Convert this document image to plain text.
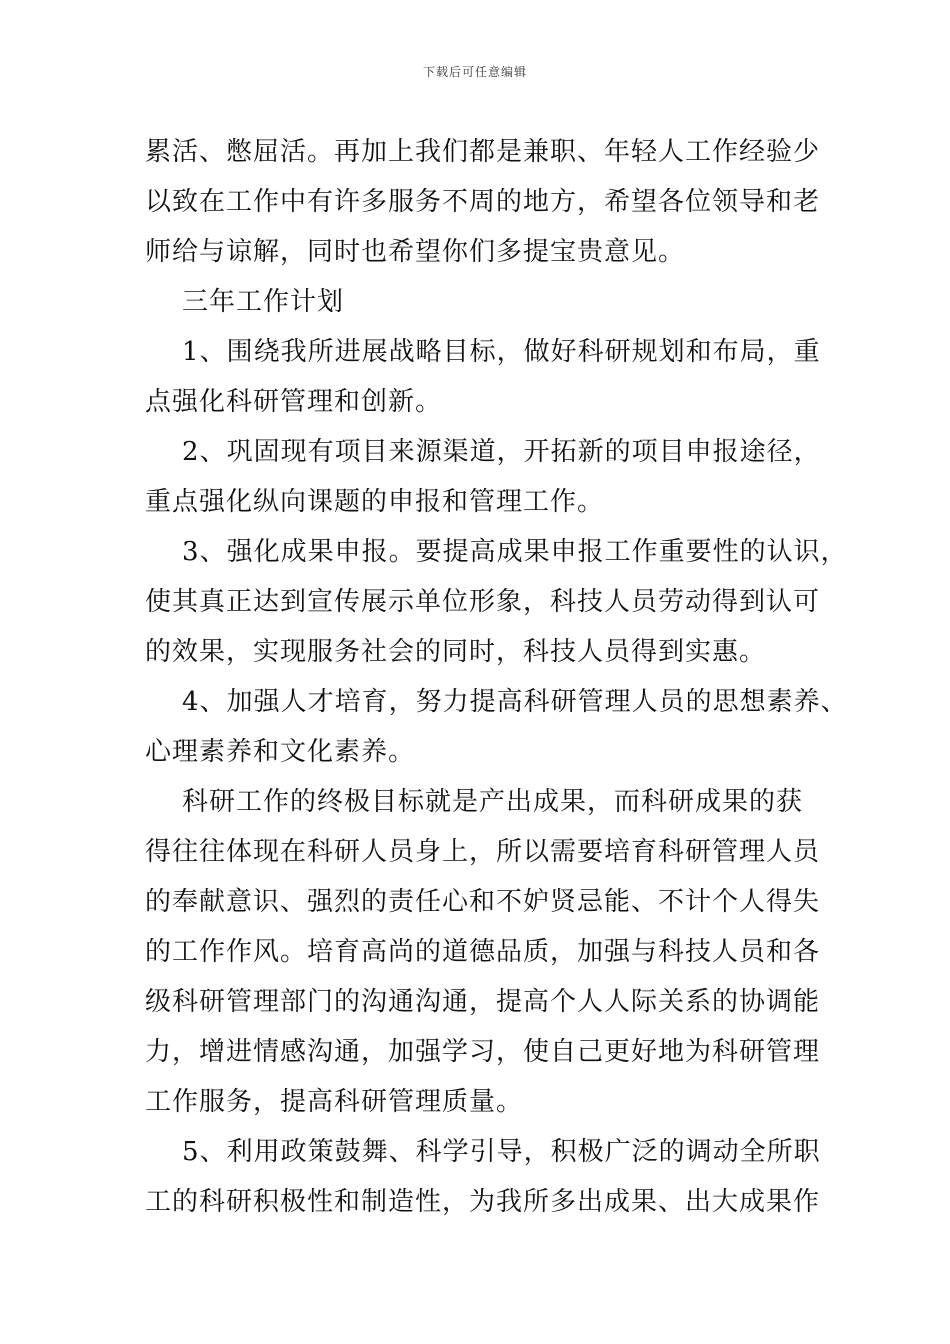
下载后可任意编辑
累活、憋屈活。再加上我们都是兼职、年轻人工作经验少
以致在工作中有许多服务不周的地方，希望各位领导和老
师给与谅解，同时也希望你们多提宝贵意见。
三年工作计划
1、围绕我所进展战略目标，做好科研规划和布局，重
点强化科研管理和创新。
2、巩固现有项目来源渠道，开拓新的项目申报途径，
重点强化纵向课题的申报和管理工作。
3、强化成果申报。要提高成果申报工作重要性的认识，
使其真正达到宣传展示单位形象，科技人员劳动得到认可
的效果，实现服务社会的同时，科技人员得到实惠。
4、加强人才培育，努力提高科研管理人员的思想素养、
心理素养和文化素养。
科研工作的终极目标就是产出成果，而科研成果的获
得往往体现在科研人员身上，所以需要培育科研管理人员
的奉献意识、强烈的责任心和不妒贤忌能、不计个人得失
的工作作风。培育高尚的道德品质，加强与科技人员和各
级科研管理部门的沟通沟通，提高个人人际关系的协调能
力，增进情感沟通，加强学习，使自己更好地为科研管理
工作服务，提高科研管理质量。
5、利用政策鼓舞、科学引导，积极广泛的调动全所职
工的科研积极性和制造性，为我所多出成果、出大成果作
